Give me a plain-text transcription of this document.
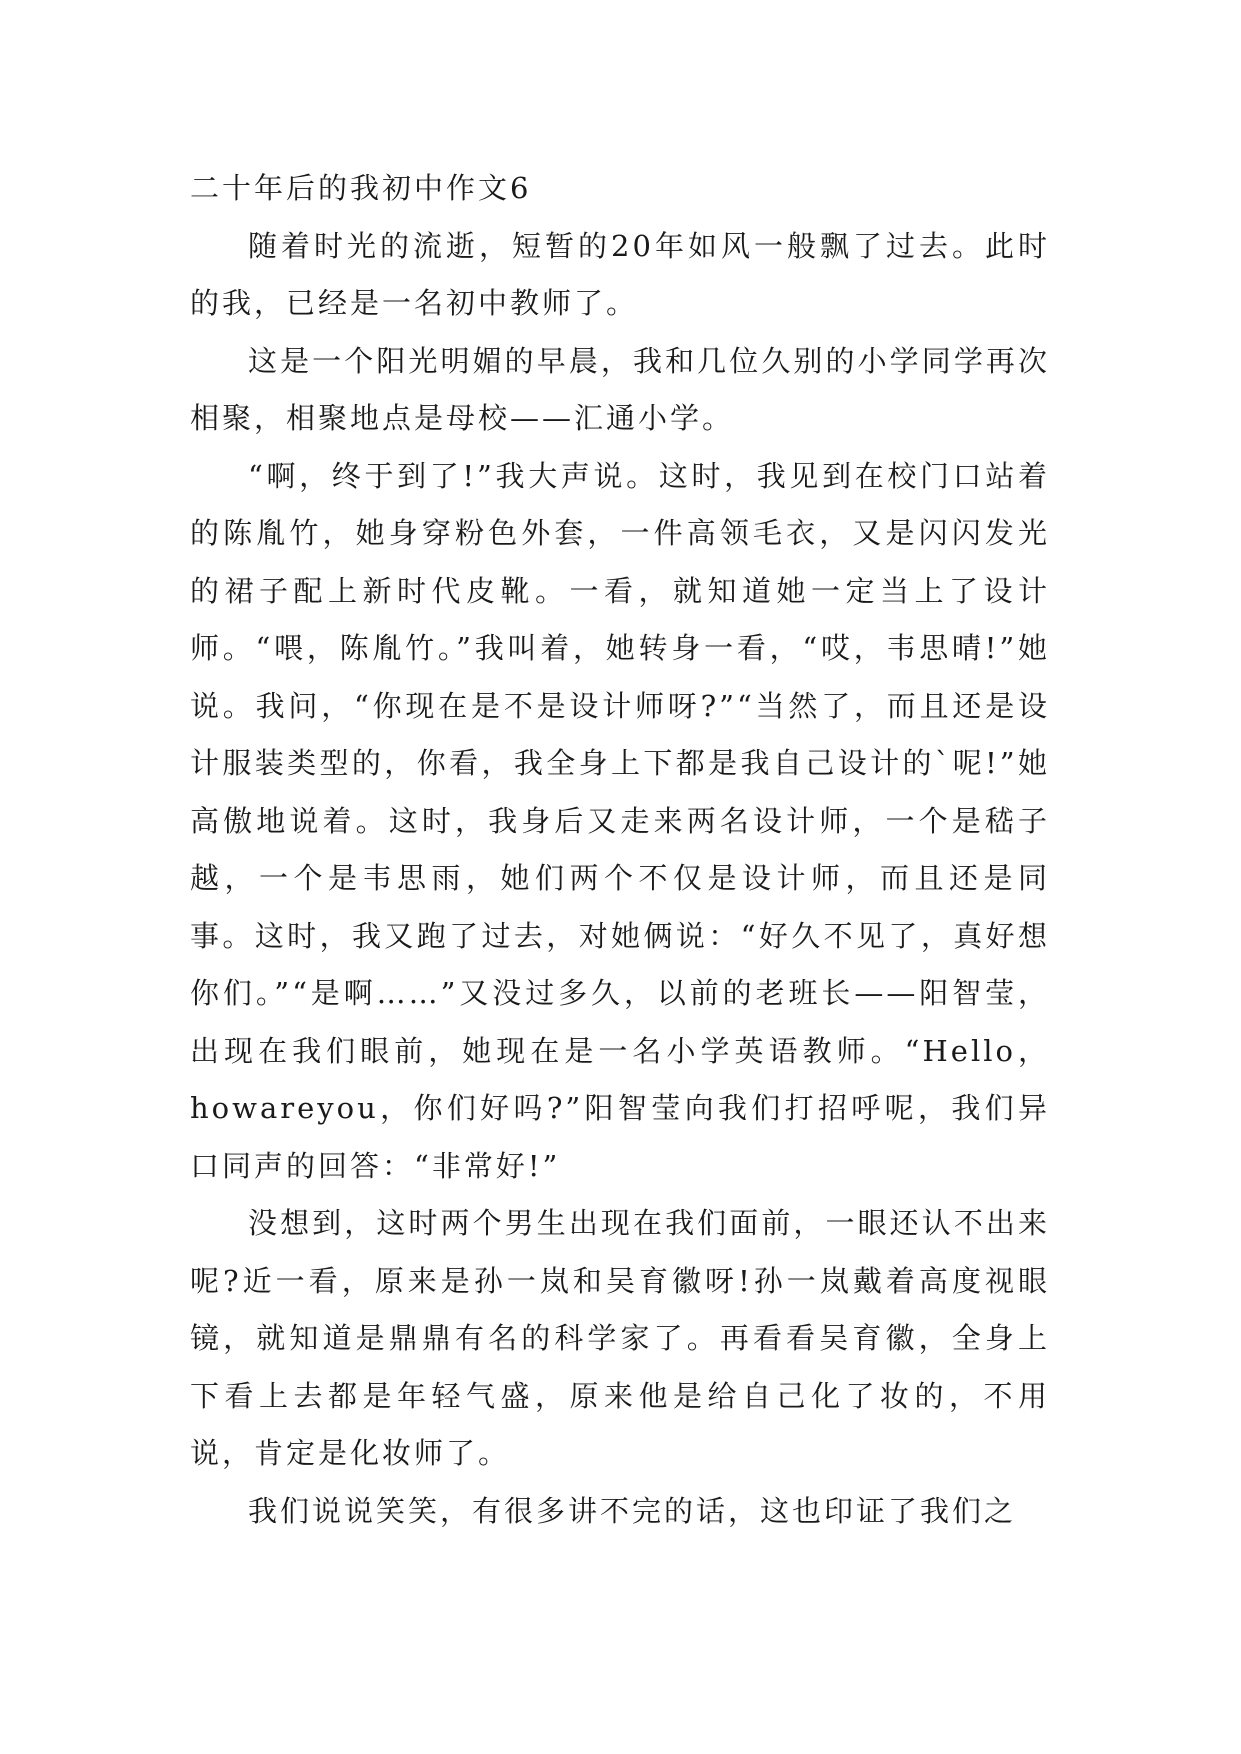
二十年后的我初中作文6

随着时光的流逝，短暂的20年如风一般飘了过去。此时的我，已经是一名初中教师了。

这是一个阳光明媚的早晨，我和几位久别的小学同学再次相聚，相聚地点是母校——汇通小学。

“啊，终于到了!”我大声说。这时，我见到在校门口站着的陈胤竹，她身穿粉色外套，一件高领毛衣，又是闪闪发光的裙子配上新时代皮靴。一看，就知道她一定当上了设计师。“喂，陈胤竹。”我叫着，她转身一看，“哎，韦思晴!”她说。我问，“你现在是不是设计师呀?”“当然了，而且还是设计服装类型的，你看，我全身上下都是我自己设计的`呢!”她高傲地说着。这时，我身后又走来两名设计师，一个是嵇子越，一个是韦思雨，她们两个不仅是设计师，而且还是同事。这时，我又跑了过去，对她俩说：“好久不见了，真好想你们。”“是啊……”又没过多久，以前的老班长——阳智莹，出现在我们眼前，她现在是一名小学英语教师。“Hello，howareyou，你们好吗?”阳智莹向我们打招呼呢，我们异口同声的回答：“非常好!”

没想到，这时两个男生出现在我们面前，一眼还认不出来呢?近一看，原来是孙一岚和吴育徽呀!孙一岚戴着高度视眼镜，就知道是鼎鼎有名的科学家了。再看看吴育徽，全身上下看上去都是年轻气盛，原来他是给自己化了妆的，不用说，肯定是化妆师了。

我们说说笑笑，有很多讲不完的话，这也印证了我们之
